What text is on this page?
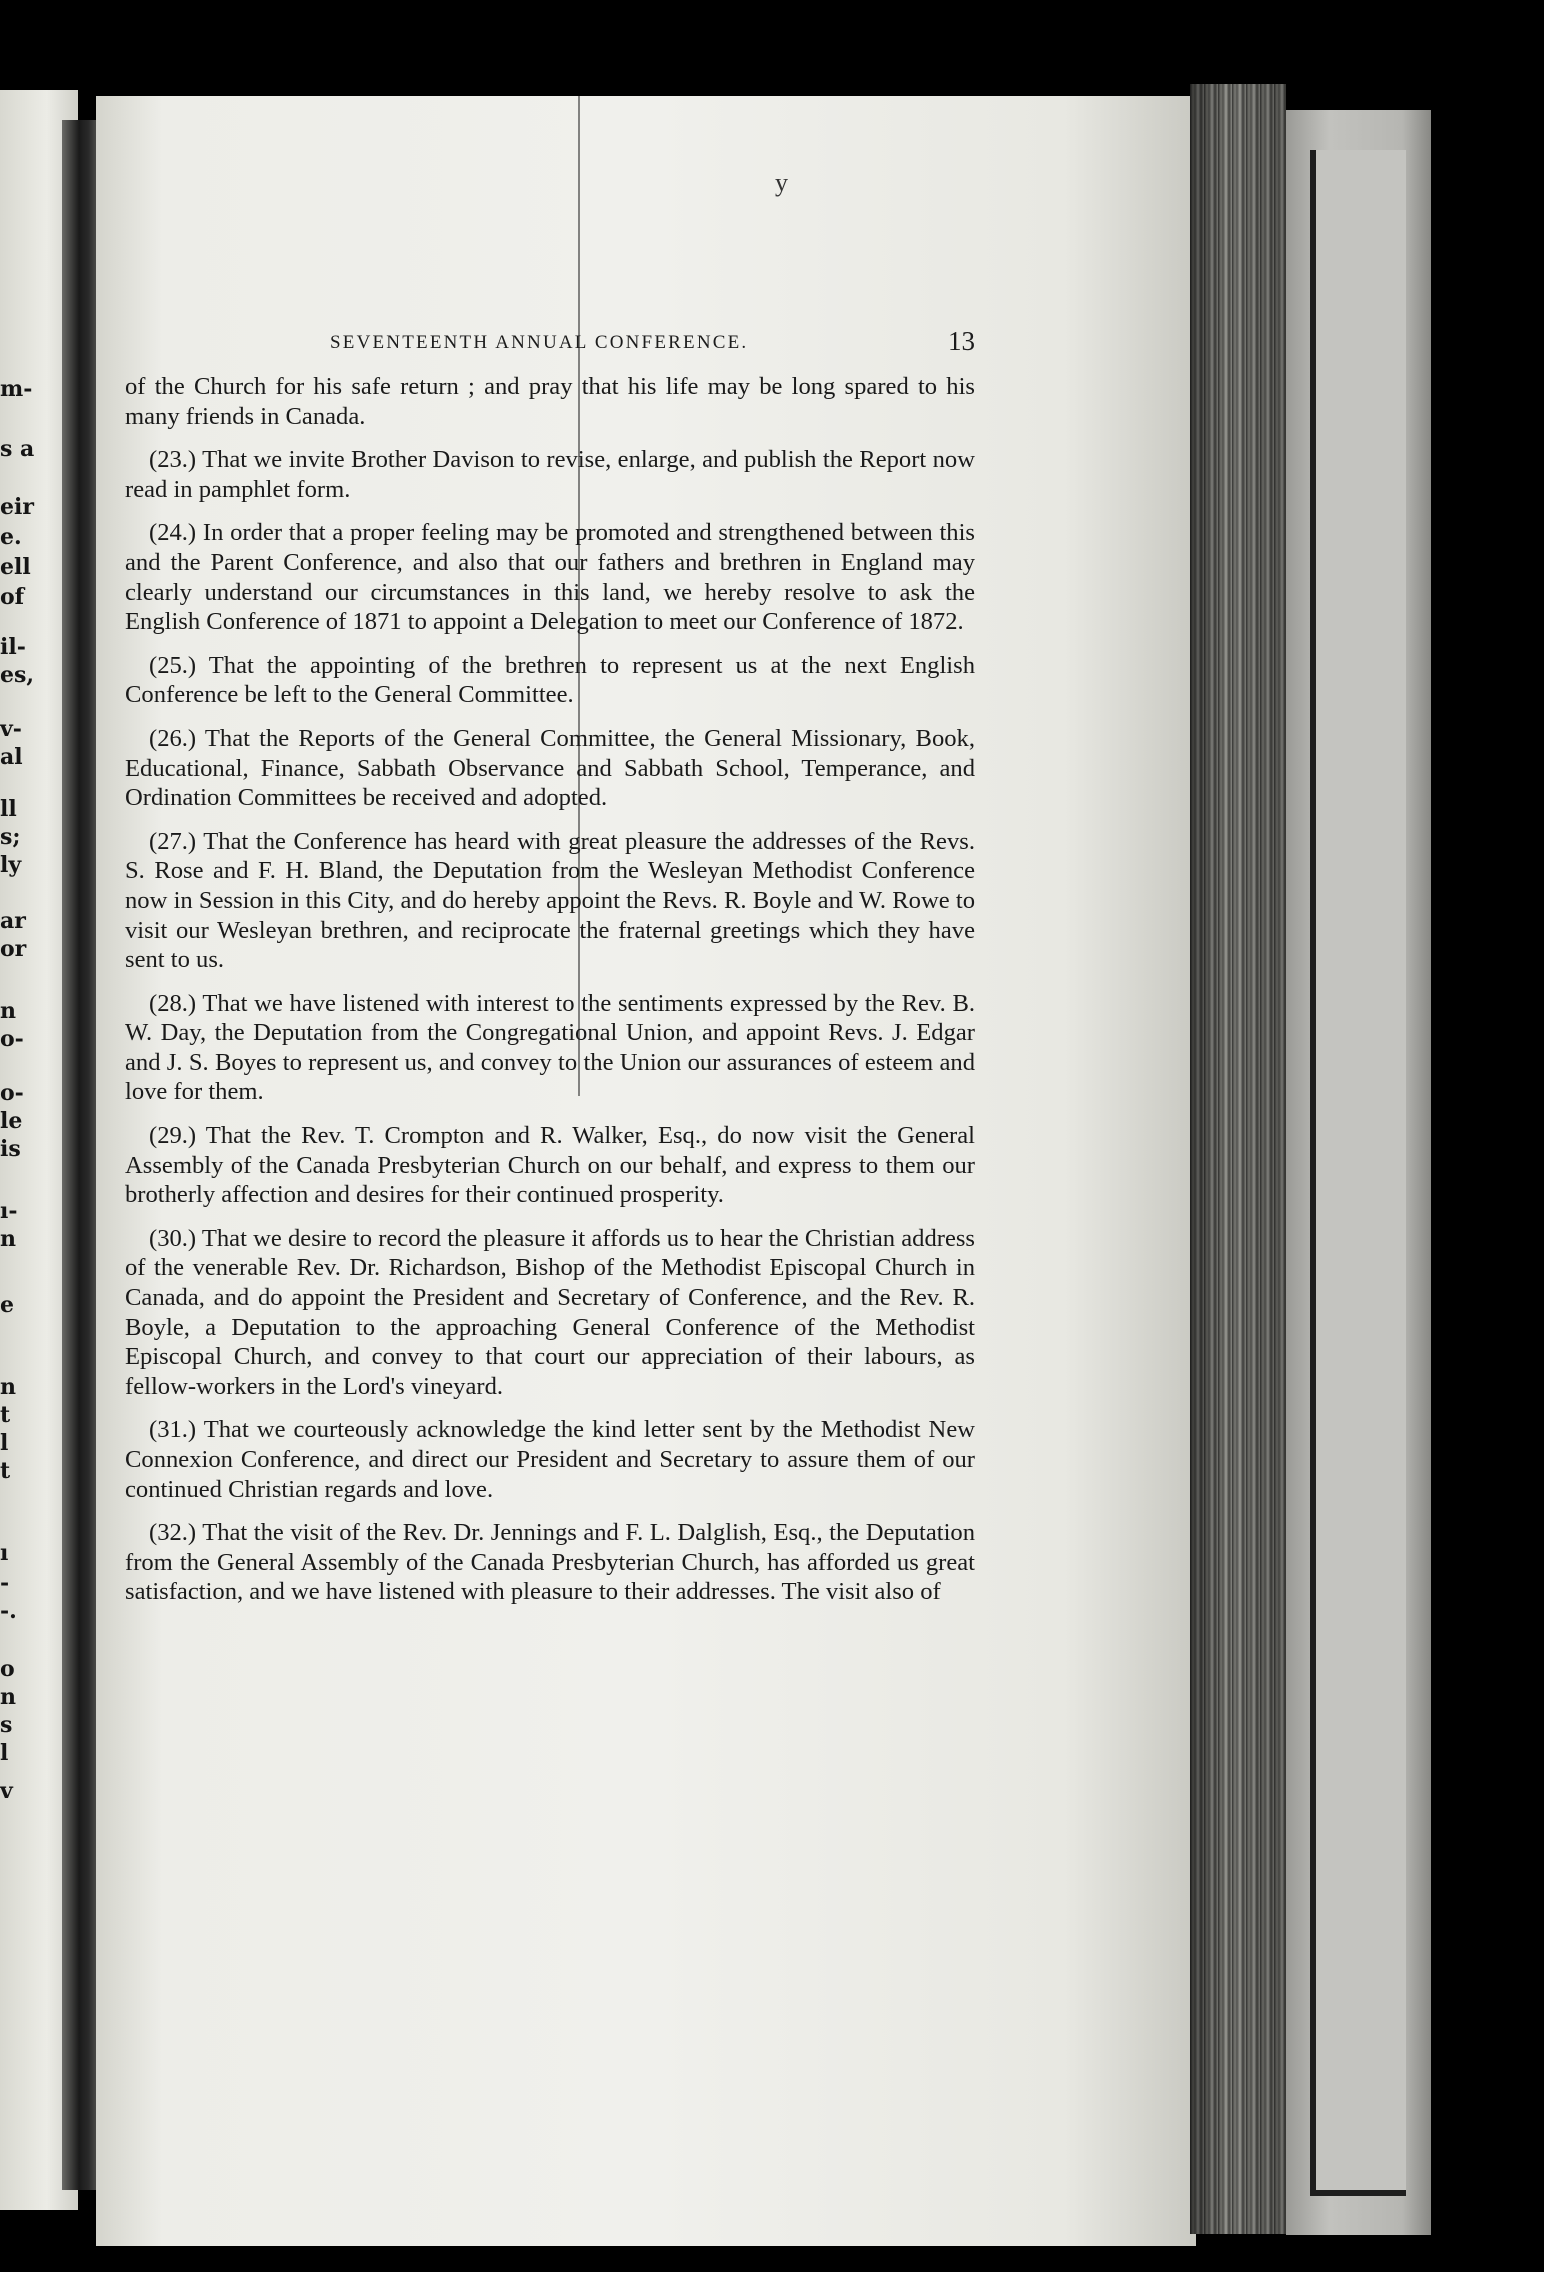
m-
s a
eir
e.
ell
of
il-
es,
v-
al
ll
s;
ly
ar
or
n
o-
o-
le
is
ı-
n
e
n
t
l
t
ı
-
-.
o
n
s
l
v
y
SEVENTEENTH ANNUAL CONFERENCE.	13

of the Church for his safe return ; and pray that his life may be long spared to his many friends in Canada.

(23.) That we invite Brother Davison to revise, enlarge, and publish the Report now read in pamphlet form.

(24.) In order that a proper feeling may be promoted and strengthened between this and the Parent Conference, and also that our fathers and brethren in England may clearly understand our circumstances in this land, we hereby resolve to ask the English Conference of 1871 to appoint a Delegation to meet our Conference of 1872.

(25.) That the appointing of the brethren to represent us at the next English Conference be left to the General Committee.

(26.) That the Reports of the General Committee, the General Missionary, Book, Educational, Finance, Sabbath Observance and Sabbath School, Temperance, and Ordination Committees be received and adopted.

(27.) That the Conference has heard with great pleasure the addresses of the Revs. S. Rose and F. H. Bland, the Deputation from the Wesleyan Methodist Conference now in Session in this City, and do hereby appoint the Revs. R. Boyle and W. Rowe to visit our Wesleyan brethren, and reciprocate the fraternal greetings which they have sent to us.

(28.) That we have listened with interest to the sentiments expressed by the Rev. B. W. Day, the Deputation from the Congregational Union, and appoint Revs. J. Edgar and J. S. Boyes to represent us, and convey to the Union our assurances of esteem and love for them.

(29.) That the Rev. T. Crompton and R. Walker, Esq., do now visit the General Assembly of the Canada Presbyterian Church on our behalf, and express to them our brotherly affection and desires for their continued prosperity.

(30.) That we desire to record the pleasure it affords us to hear the Christian address of the venerable Rev. Dr. Richardson, Bishop of the Methodist Episcopal Church in Canada, and do appoint the President and Secretary of Conference, and the Rev. R. Boyle, a Deputation to the approaching General Conference of the Methodist Episcopal Church, and convey to that court our appreciation of their labours, as fellow-workers in the Lord's vineyard.

(31.) That we courteously acknowledge the kind letter sent by the Methodist New Connexion Conference, and direct our President and Secretary to assure them of our continued Christian regards and love.

(32.) That the visit of the Rev. Dr. Jennings and F. L. Dalglish, Esq., the Deputation from the General Assembly of the Canada Presbyterian Church, has afforded us great satisfaction, and we have listened with pleasure to their addresses. The visit also of
